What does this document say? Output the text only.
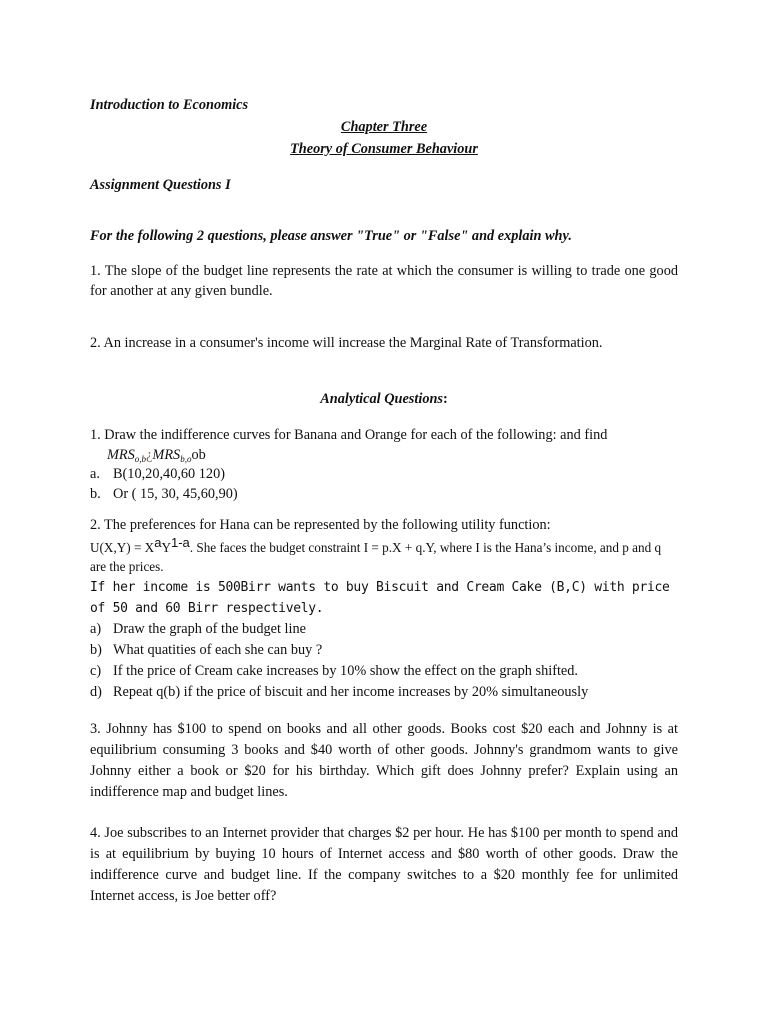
Introduction to Economics

Chapter Three

Theory of Consumer Behaviour

Assignment Questions I

For the following 2 questions, please answer "True" or "False" and explain why.

1. The slope of the budget line represents the rate at which the consumer is willing to trade one good for another at any given bundle.

2. An increase in a consumer's income will increase the Marginal Rate of Transformation.

Analytical Questions:

1. Draw the indifference curves for Banana and Orange for each of the following: and find
$MRS_{o,b}¿MRS_{b,o}ob$
a. B(10,20,40,60 120)
b. Or ( 15, 30, 45,60,90)
2. The preferences for Hana can be represented by the following utility function:
$U(X,Y) = X^aY^{1-a}$. She faces the budget constraint I = p.X + q.Y, where I is the Hana’s income, and p and q are the prices.
If her income is 500Birr wants to buy Biscuit and Cream Cake (B,C) with price of 50 and 60 Birr respectively.
a) Draw the graph of the budget line
b) What quatities of each she can buy ?
c) If the price of Cream cake increases by 10% show the effect on the graph shifted.
d) Repeat q(b) if the price of biscuit and her income increases by 20% simultaneously

3. Johnny has $100 to spend on books and all other goods. Books cost $20 each and Johnny is at equilibrium consuming 3 books and $40 worth of other goods. Johnny's grandmom wants to give Johnny either a book or $20 for his birthday. Which gift does Johnny prefer? Explain using an indifference map and budget lines.

4. Joe subscribes to an Internet provider that charges $2 per hour. He has $100 per month to spend and is at equilibrium by buying 10 hours of Internet access and $80 worth of other goods. Draw the indifference curve and budget line. If the company switches to a $20 monthly fee for unlimited Internet access, is Joe better off?
